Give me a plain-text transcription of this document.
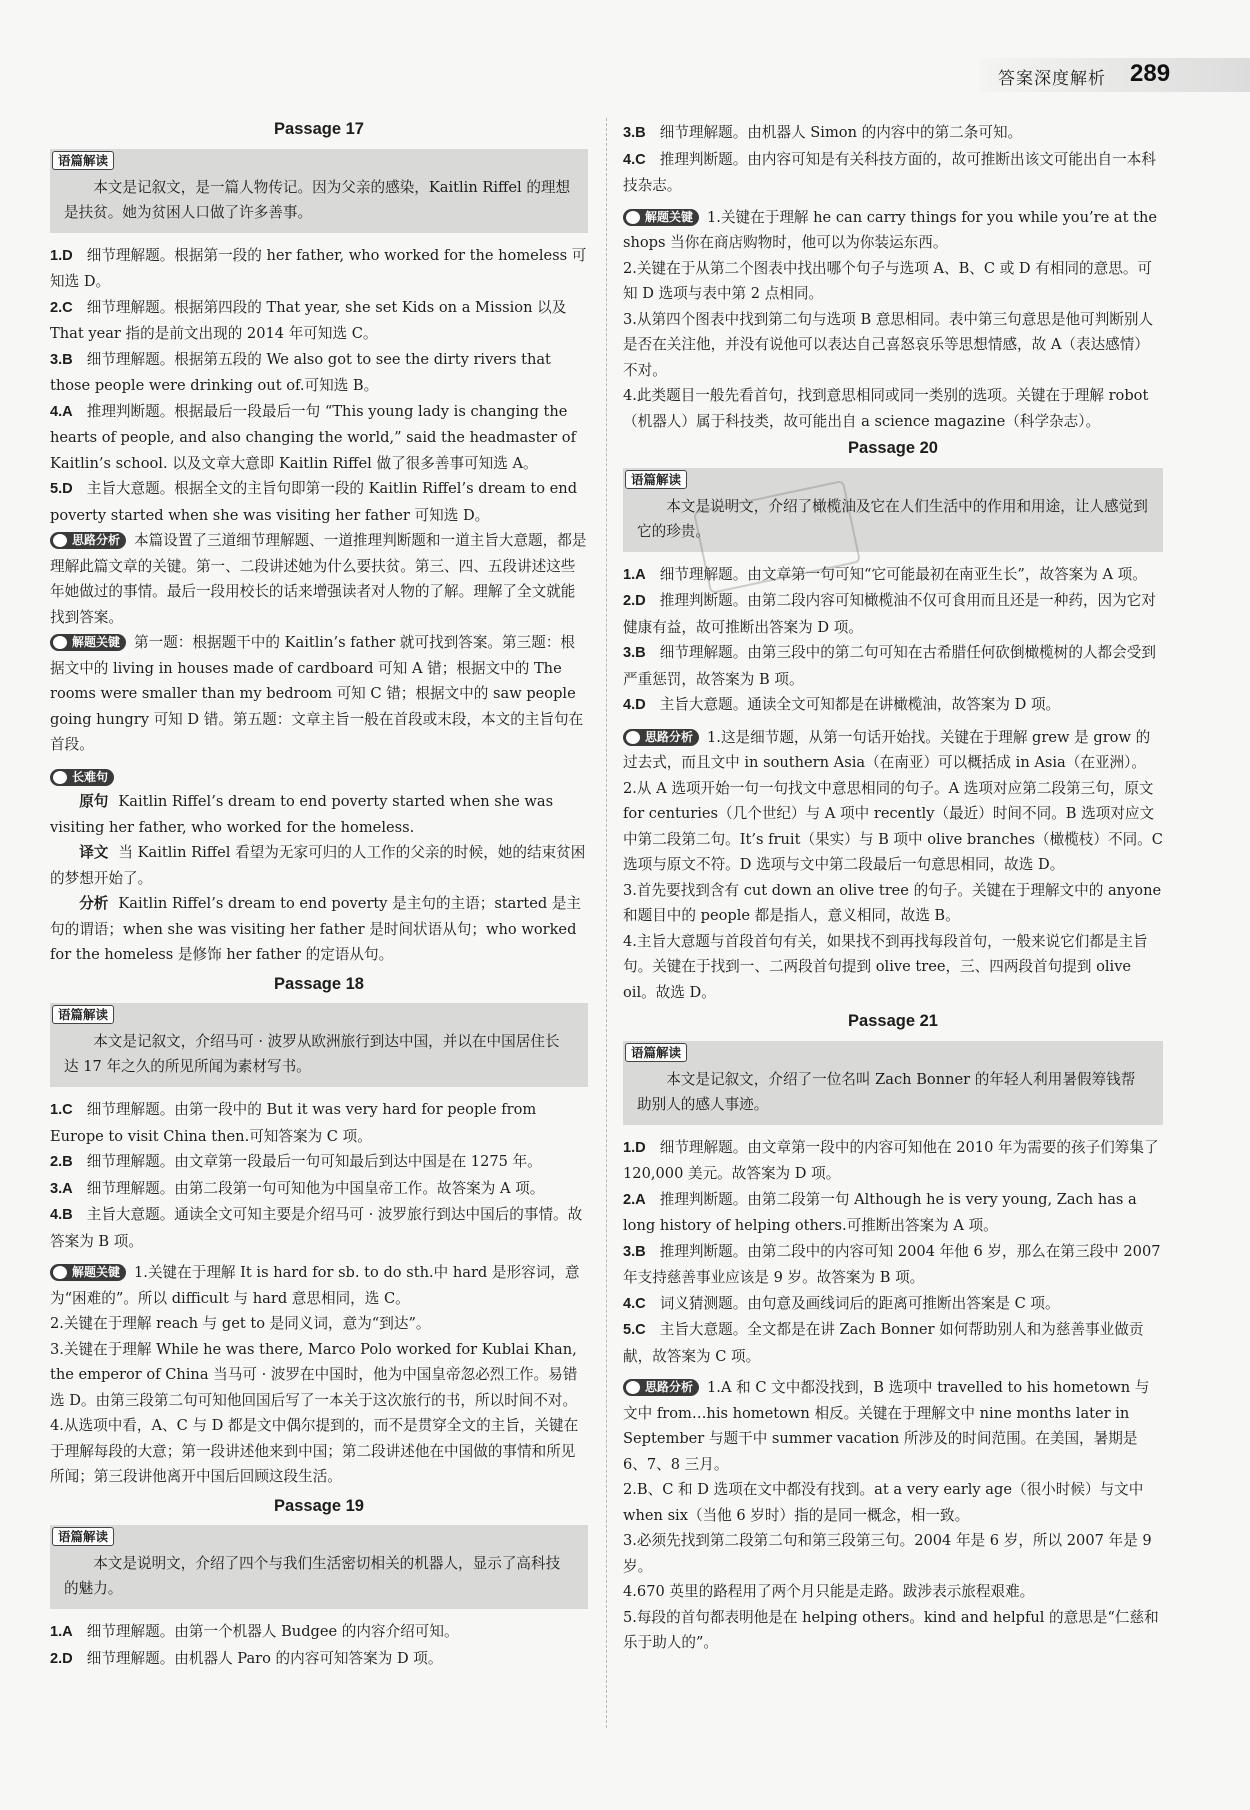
答案深度解析 289
Passage 17
语篇解读
本文是记叙文，是一篇人物传记。因为父亲的感染，Kaitlin Riffel 的理想是扶贫。她为贫困人口做了许多善事。

1.D 细节理解题。根据第一段的 her father, who worked for the homeless 可知选 D。

2.C 细节理解题。根据第四段的 That year, she set Kids on a Mission 以及 That year 指的是前文出现的 2014 年可知选 C。

3.B 细节理解题。根据第五段的 We also got to see the dirty rivers that those people were drinking out of.可知选 B。

4.A 推理判断题。根据最后一段最后一句 “This young lady is changing the hearts of people, and also changing the world,” said the headmaster of Kaitlin’s school. 以及文章大意即 Kaitlin Riffel 做了很多善事可知选 A。

5.D 主旨大意题。根据全文的主旨句即第一段的 Kaitlin Riffel’s dream to end poverty started when she was visiting her father 可知选 D。

思路分析 本篇设置了三道细节理解题、一道推理判断题和一道主旨大意题，都是理解此篇文章的关键。第一、二段讲述她为什么要扶贫。第三、四、五段讲述这些年她做过的事情。最后一段用校长的话来增强读者对人物的了解。理解了全文就能找到答案。

解题关键 第一题：根据题干中的 Kaitlin’s father 就可找到答案。第三题：根据文中的 living in houses made of cardboard 可知 A 错；根据文中的 The rooms were smaller than my bedroom 可知 C 错；根据文中的 saw people going hungry 可知 D 错。第五题：文章主旨一般在首段或末段，本文的主旨句在首段。

长难句

原句 Kaitlin Riffel’s dream to end poverty started when she was visiting her father, who worked for the homeless.

译文 当 Kaitlin Riffel 看望为无家可归的人工作的父亲的时候，她的结束贫困的梦想开始了。

分析 Kaitlin Riffel’s dream to end poverty 是主句的主语；started 是主句的谓语；when she was visiting her father 是时间状语从句；who worked for the homeless 是修饰 her father 的定语从句。

Passage 18
语篇解读
本文是记叙文，介绍马可 · 波罗从欧洲旅行到达中国，并以在中国居住长达 17 年之久的所见所闻为素材写书。

1.C 细节理解题。由第一段中的 But it was very hard for people from Europe to visit China then.可知答案为 C 项。

2.B 细节理解题。由文章第一段最后一句可知最后到达中国是在 1275 年。

3.A 细节理解题。由第二段第一句可知他为中国皇帝工作。故答案为 A 项。

4.B 主旨大意题。通读全文可知主要是介绍马可 · 波罗旅行到达中国后的事情。故答案为 B 项。

解题关键 1.关键在于理解 It is hard for sb. to do sth.中 hard 是形容词，意为“困难的”。所以 difficult 与 hard 意思相同，选 C。

2.关键在于理解 reach 与 get to 是同义词，意为“到达”。

3.关键在于理解 While he was there, Marco Polo worked for Kublai Khan, the emperor of China 当马可 · 波罗在中国时，他为中国皇帝忽必烈工作。易错选 D。由第三段第二句可知他回国后写了一本关于这次旅行的书，所以时间不对。

4.从选项中看，A、C 与 D 都是文中偶尔提到的，而不是贯穿全文的主旨，关键在于理解每段的大意；第一段讲述他来到中国；第二段讲述他在中国做的事情和所见所闻；第三段讲他离开中国后回顾这段生活。

Passage 19
语篇解读
本文是说明文，介绍了四个与我们生活密切相关的机器人，显示了高科技的魅力。

1.A 细节理解题。由第一个机器人 Budgee 的内容介绍可知。

2.D 细节理解题。由机器人 Paro 的内容可知答案为 D 项。

3.B 细节理解题。由机器人 Simon 的内容中的第二条可知。

4.C 推理判断题。由内容可知是有关科技方面的，故可推断出该文可能出自一本科技杂志。

解题关键 1.关键在于理解 he can carry things for you while you’re at the shops 当你在商店购物时，他可以为你装运东西。

2.关键在于从第二个图表中找出哪个句子与选项 A、B、C 或 D 有相同的意思。可知 D 选项与表中第 2 点相同。

3.从第四个图表中找到第二句与选项 B 意思相同。表中第三句意思是他可判断别人是否在关注他，并没有说他可以表达自己喜怒哀乐等思想情感，故 A（表达感情）不对。

4.此类题目一般先看首句，找到意思相同或同一类别的选项。关键在于理解 robot（机器人）属于科技类，故可能出自 a science magazine（科学杂志）。

Passage 20
语篇解读
本文是说明文，介绍了橄榄油及它在人们生活中的作用和用途，让人感觉到它的珍贵。

1.A 细节理解题。由文章第一句可知“它可能最初在南亚生长”，故答案为 A 项。

2.D 推理判断题。由第二段内容可知橄榄油不仅可食用而且还是一种药，因为它对健康有益，故可推断出答案为 D 项。

3.B 细节理解题。由第三段中的第二句可知在古希腊任何砍倒橄榄树的人都会受到严重惩罚，故答案为 B 项。

4.D 主旨大意题。通读全文可知都是在讲橄榄油，故答案为 D 项。

思路分析 1.这是细节题，从第一句话开始找。关键在于理解 grew 是 grow 的过去式，而且文中 in southern Asia（在南亚）可以概括成 in Asia（在亚洲）。

2.从 A 选项开始一句一句找文中意思相同的句子。A 选项对应第二段第三句，原文 for centuries（几个世纪）与 A 项中 recently（最近）时间不同。B 选项对应文中第二段第二句。It’s fruit（果实）与 B 项中 olive branches（橄榄枝）不同。C 选项与原文不符。D 选项与文中第二段最后一句意思相同，故选 D。

3.首先要找到含有 cut down an olive tree 的句子。关键在于理解文中的 anyone 和题目中的 people 都是指人，意义相同，故选 B。

4.主旨大意题与首段首句有关，如果找不到再找每段首句，一般来说它们都是主旨句。关键在于找到一、二两段首句提到 olive tree，三、四两段首句提到 olive oil。故选 D。

Passage 21
语篇解读
本文是记叙文，介绍了一位名叫 Zach Bonner 的年轻人利用暑假筹钱帮助别人的感人事迹。

1.D 细节理解题。由文章第一段中的内容可知他在 2010 年为需要的孩子们筹集了 120,000 美元。故答案为 D 项。

2.A 推理判断题。由第二段第一句 Although he is very young, Zach has a long history of helping others.可推断出答案为 A 项。

3.B 推理判断题。由第二段中的内容可知 2004 年他 6 岁，那么在第三段中 2007 年支持慈善事业应该是 9 岁。故答案为 B 项。

4.C 词义猜测题。由句意及画线词后的距离可推断出答案是 C 项。

5.C 主旨大意题。全文都是在讲 Zach Bonner 如何帮助别人和为慈善事业做贡献，故答案为 C 项。

思路分析 1.A 和 C 文中都没找到，B 选项中 travelled to his hometown 与文中 from…his hometown 相反。关键在于理解文中 nine months later in September 与题干中 summer vacation 所涉及的时间范围。在美国，暑期是 6、7、8 三月。

2.B、C 和 D 选项在文中都没有找到。at a very early age（很小时候）与文中 when six（当他 6 岁时）指的是同一概念，相一致。

3.必须先找到第二段第二句和第三段第三句。2004 年是 6 岁，所以 2007 年是 9 岁。

4.670 英里的路程用了两个月只能是走路。跋涉表示旅程艰难。

5.每段的首句都表明他是在 helping others。kind and helpful 的意思是“仁慈和乐于助人的”。
